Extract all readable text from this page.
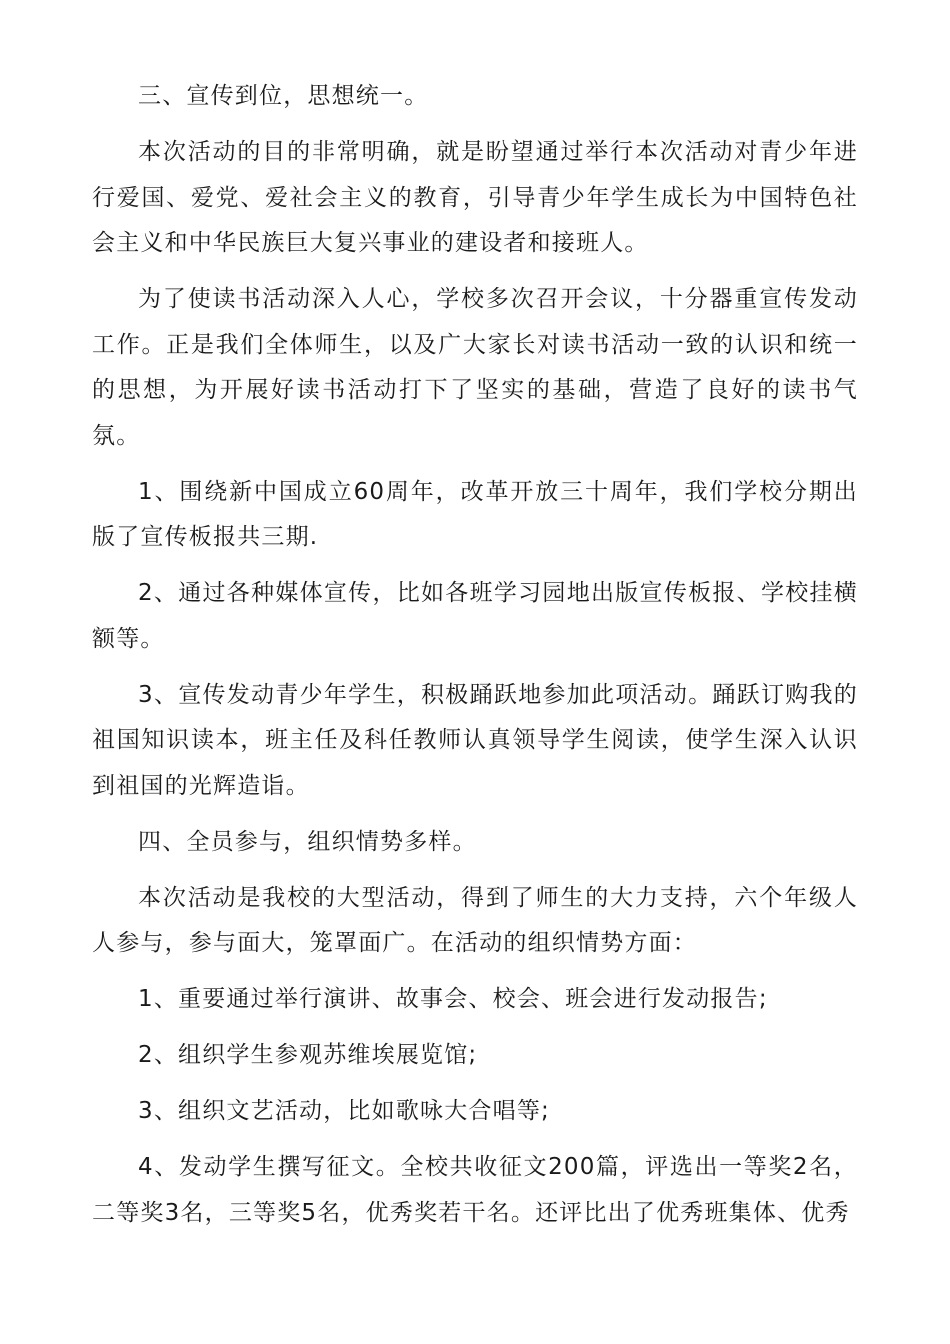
三、宣传到位，思想统一。

本次活动的目的非常明确，就是盼望通过举行本次活动对青少年进行爱国、爱党、爱社会主义的教育，引导青少年学生成长为中国特色社会主义和中华民族巨大复兴事业的建设者和接班人。

为了使读书活动深入人心，学校多次召开会议，十分器重宣传发动工作。正是我们全体师生，以及广大家长对读书活动一致的认识和统一的思想，为开展好读书活动打下了坚实的基础，营造了良好的读书气氛。

1、围绕新中国成立60周年，改革开放三十周年，我们学校分期出版了宣传板报共三期.

2、通过各种媒体宣传，比如各班学习园地出版宣传板报、学校挂横额等。

3、宣传发动青少年学生，积极踊跃地参加此项活动。踊跃订购我的祖国知识读本，班主任及科任教师认真领导学生阅读，使学生深入认识到祖国的光辉造诣。

四、全员参与，组织情势多样。

本次活动是我校的大型活动，得到了师生的大力支持，六个年级人人参与，参与面大，笼罩面广。在活动的组织情势方面：

1、重要通过举行演讲、故事会、校会、班会进行发动报告;

2、组织学生参观苏维埃展览馆;

3、组织文艺活动，比如歌咏大合唱等;

4、发动学生撰写征文。全校共收征文200篇，评选出一等奖2名，二等奖3名，三等奖5名，优秀奖若干名。还评比出了优秀班集体、优秀
